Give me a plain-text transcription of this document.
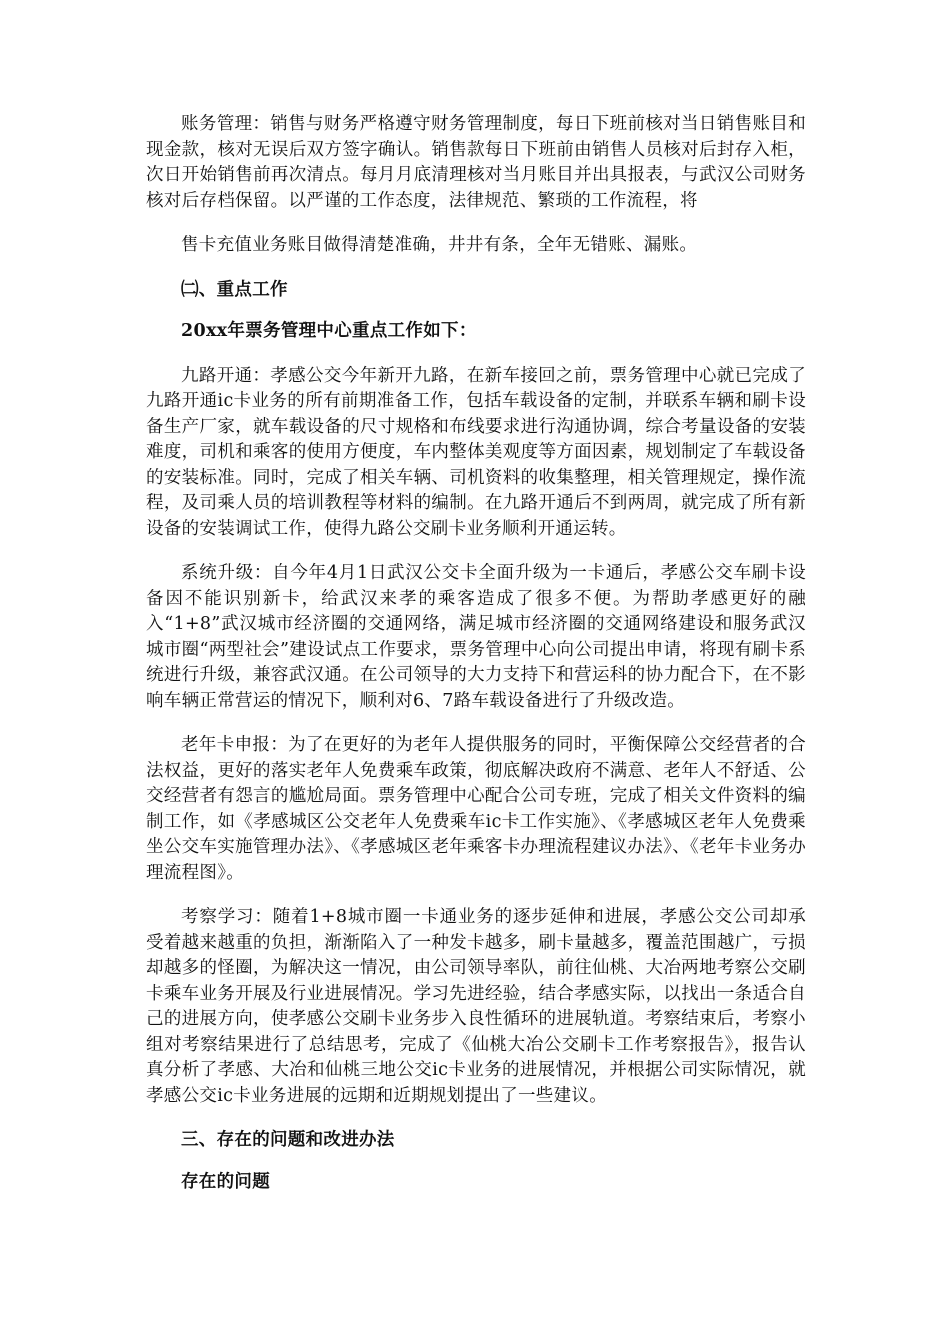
账务管理：销售与财务严格遵守财务管理制度，每日下班前核对当日销售账目和现金款，核对无误后双方签字确认。销售款每日下班前由销售人员核对后封存入柜，次日开始销售前再次清点。每月月底清理核对当月账目并出具报表，与武汉公司财务核对后存档保留。以严谨的工作态度，法律规范、繁琐的工作流程，将

售卡充值业务账目做得清楚准确，井井有条，全年无错账、漏账。

㈡、重点工作

20xx年票务管理中心重点工作如下：

九路开通：孝感公交今年新开九路，在新车接回之前，票务管理中心就已完成了九路开通ic卡业务的所有前期准备工作，包括车载设备的定制，并联系车辆和刷卡设备生产厂家，就车载设备的尺寸规格和布线要求进行沟通协调，综合考量设备的安装难度，司机和乘客的使用方便度，车内整体美观度等方面因素，规划制定了车载设备的安装标准。同时，完成了相关车辆、司机资料的收集整理，相关管理规定，操作流程，及司乘人员的培训教程等材料的编制。在九路开通后不到两周，就完成了所有新设备的安装调试工作，使得九路公交刷卡业务顺利开通运转。

系统升级：自今年4月1日武汉公交卡全面升级为一卡通后，孝感公交车刷卡设备因不能识别新卡，给武汉来孝的乘客造成了很多不便。为帮助孝感更好的融入“1+8”武汉城市经济圈的交通网络，满足城市经济圈的交通网络建设和服务武汉城市圈“两型社会”建设试点工作要求，票务管理中心向公司提出申请，将现有刷卡系统进行升级，兼容武汉通。在公司领导的大力支持下和营运科的协力配合下，在不影响车辆正常营运的情况下，顺利对6、7路车载设备进行了升级改造。

老年卡申报：为了在更好的为老年人提供服务的同时，平衡保障公交经营者的合法权益，更好的落实老年人免费乘车政策，彻底解决政府不满意、老年人不舒适、公交经营者有怨言的尴尬局面。票务管理中心配合公司专班，完成了相关文件资料的编制工作，如《孝感城区公交老年人免费乘车ic卡工作实施》、《孝感城区老年人免费乘坐公交车实施管理办法》、《孝感城区老年乘客卡办理流程建议办法》、《老年卡业务办理流程图》。

考察学习：随着1+8城市圈一卡通业务的逐步延伸和进展，孝感公交公司却承受着越来越重的负担，渐渐陷入了一种发卡越多，刷卡量越多，覆盖范围越广，亏损却越多的怪圈，为解决这一情况，由公司领导率队，前往仙桃、大冶两地考察公交刷卡乘车业务开展及行业进展情况。学习先进经验，结合孝感实际，以找出一条适合自己的进展方向，使孝感公交刷卡业务步入良性循环的进展轨道。考察结束后，考察小组对考察结果进行了总结思考，完成了《仙桃大冶公交刷卡工作考察报告》，报告认真分析了孝感、大冶和仙桃三地公交ic卡业务的进展情况，并根据公司实际情况，就孝感公交ic卡业务进展的远期和近期规划提出了一些建议。

三、存在的问题和改进办法

存在的问题
